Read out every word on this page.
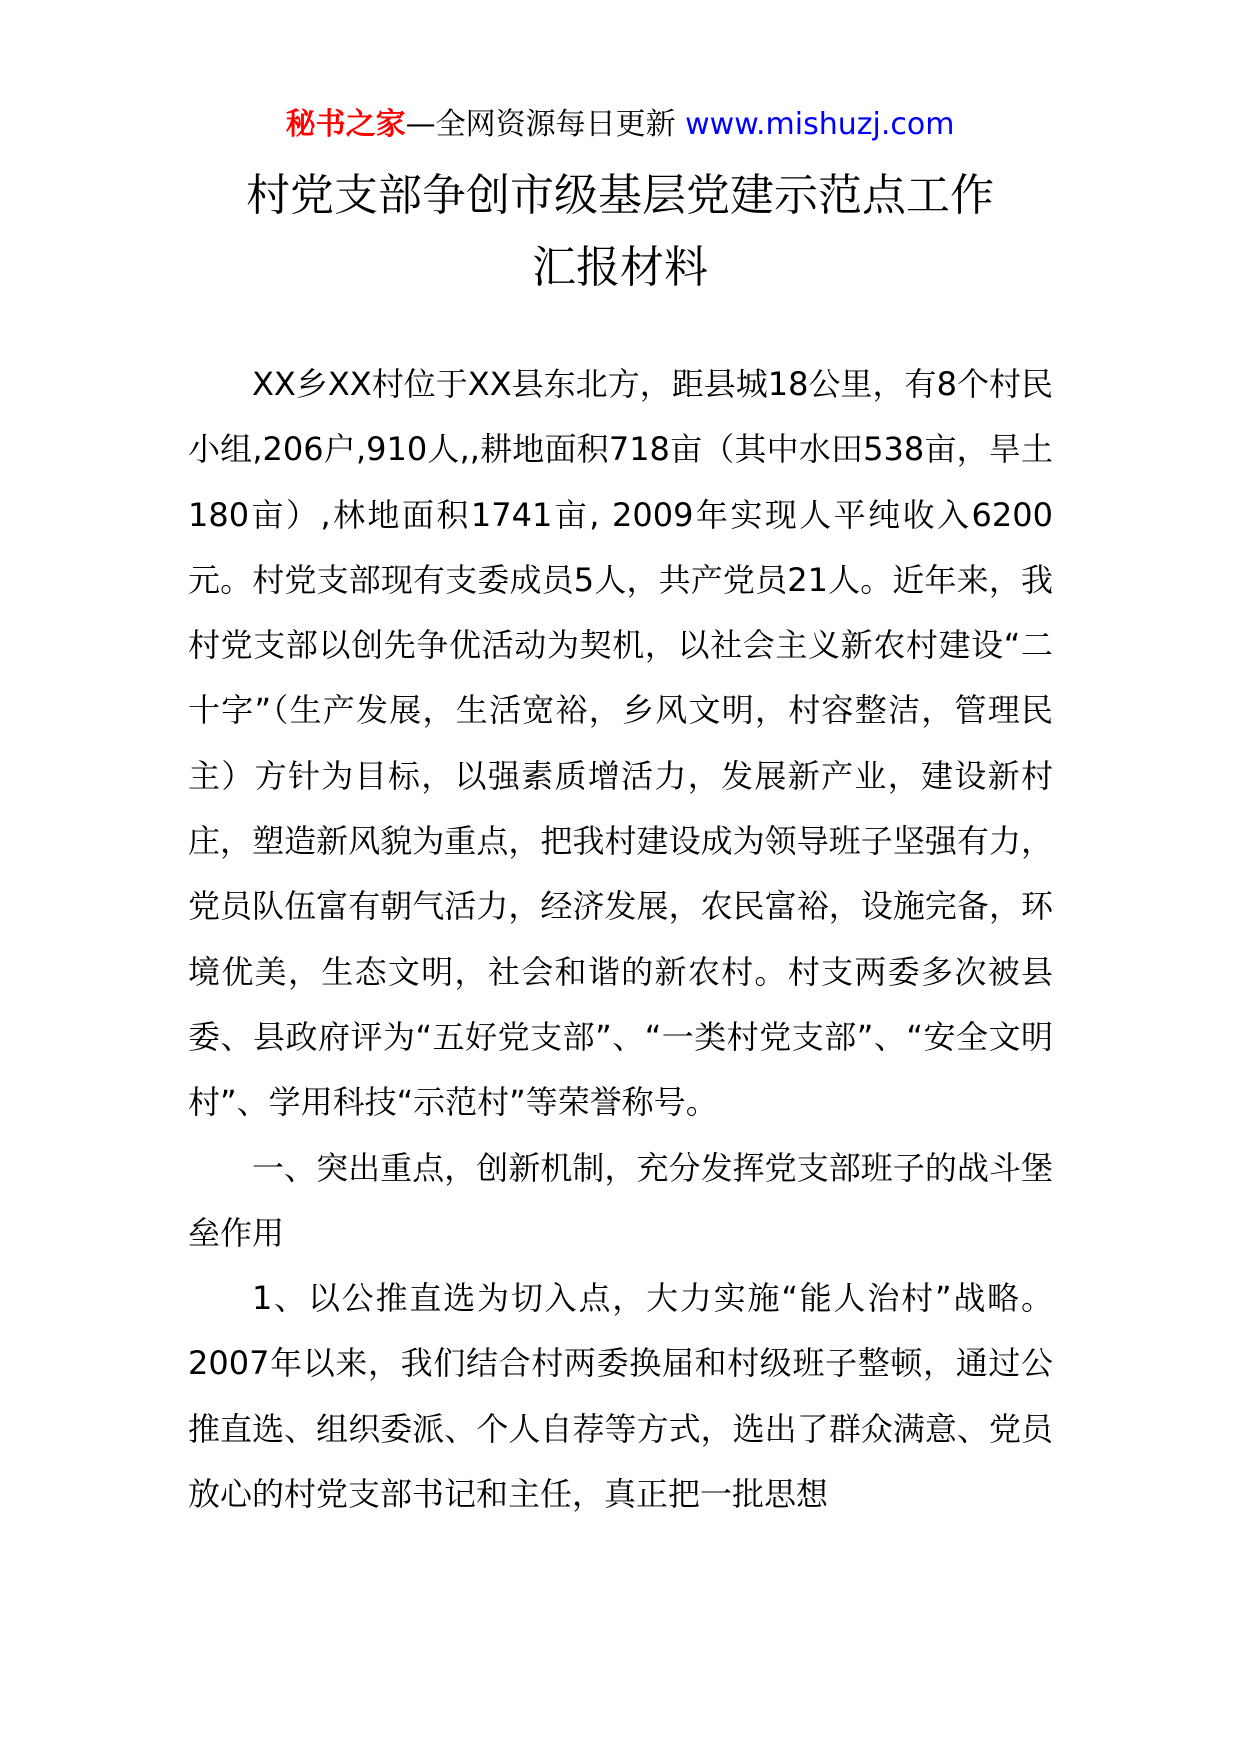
秘书之家—全网资源每日更新 www.mishuzj.com
村党支部争创市级基层党建示范点工作
汇报材料

XX乡XX村位于XX县东北方，距县城18公里，有8个村民小组,206户,910人,,耕地面积718亩（其中水田538亩，旱土180亩）,林地面积1741亩, 2009年实现人平纯收入6200元。村党支部现有支委成员5人，共产党员21人。近年来，我村党支部以创先争优活动为契机，以社会主义新农村建设“二十字”（生产发展，生活宽裕，乡风文明，村容整洁，管理民主）方针为目标，以强素质增活力，发展新产业，建设新村庄，塑造新风貌为重点，把我村建设成为领导班子坚强有力，党员队伍富有朝气活力，经济发展，农民富裕，设施完备，环境优美，生态文明，社会和谐的新农村。村支两委多次被县委、县政府评为“五好党支部”、“一类村党支部”、“安全文明村”、学用科技“示范村”等荣誉称号。

一、突出重点，创新机制，充分发挥党支部班子的战斗堡垒作用

1、以公推直选为切入点，大力实施“能人治村”战略。2007年以来，我们结合村两委换届和村级班子整顿，通过公推直选、组织委派、个人自荐等方式，选出了群众满意、党员放心的村党支部书记和主任，真正把一批思想
